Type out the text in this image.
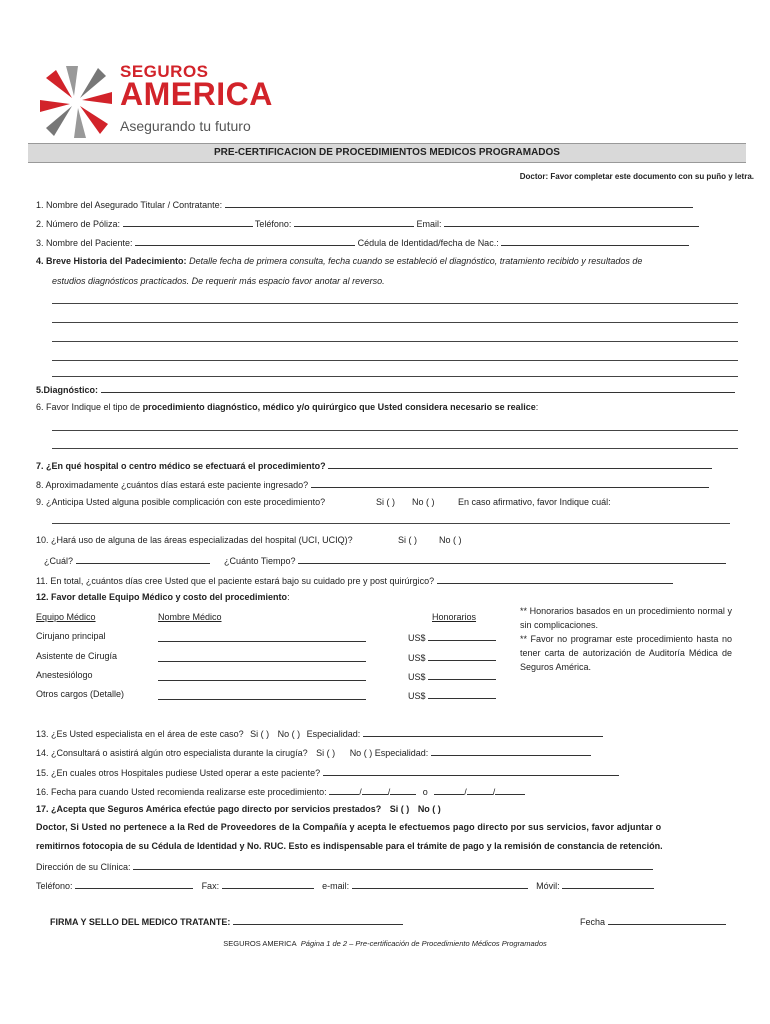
SEGUROS
AMERICA
Asegurando tu futuro
PRE-CERTIFICACION DE PROCEDIMIENTOS MEDICOS PROGRAMADOS
Doctor: Favor completar este documento con su puño y letra.
1. Nombre del Asegurado Titular / Contratante:
2. Número de Póliza:	Teléfono:	Email:
3. Nombre del Paciente:	Cédula de Identidad/fecha de Nac.:
4. Breve Historia del Padecimiento: Detalle fecha de primera consulta, fecha cuando se estableció el diagnóstico, tratamiento recibido y resultados de
estudios diagnósticos practicados. De requerir más espacio favor anotar al reverso.
5.Diagnóstico:
6. Favor Indique el tipo de procedimiento diagnóstico, médico y/o quirúrgico que Usted considera necesario se realice:
7. ¿En qué hospital o centro médico se efectuará el procedimiento?
8. Aproximadamente ¿cuántos días estará este paciente ingresado?
9. ¿Anticipa Usted alguna posible complicación con este procedimiento?	Si ( ) No ( )	En caso afirmativo, favor Indique cuál:
10. ¿Hará uso de alguna de las áreas especializadas del hospital (UCI, UCIQ)?	Si ( ) No ( )
¿Cuál?	¿Cuánto Tiempo?
11. En total, ¿cuántos días cree Usted que el paciente estará bajo su cuidado pre y post quirúrgico?
12. Favor detalle Equipo Médico y costo del procedimiento:
Equipo Médico	Nombre Médico	Honorarios
Cirujano principal	US$
Asistente de Cirugía	US$
Anestesiólogo	US$
Otros cargos (Detalle)	US$

** Honorarios basados en un procedimiento normal y sin complicaciones.

** Favor no programar este procedimiento hasta no tener carta de autorización de Auditoría Médica de Seguros América.

13. ¿Es Usted especialista en el área de este caso? Si ( ) No ( ) Especialidad:
14. ¿Consultará o asistirá algún otro especialista durante la cirugía? Si ( ) No ( ) Especialidad:
15. ¿En cuales otros Hospitales pudiese Usted operar a este paciente?
16. Fecha para cuando Usted recomienda realizarse este procedimiento:	/	/	o	/	/
17. ¿Acepta que Seguros América efectúe pago directo por servicios prestados? Si ( ) No ( )
Doctor, Si Usted no pertenece a la Red de Proveedores de la Compañía y acepta le efectuemos pago directo por sus servicios, favor adjuntar o
remitirnos fotocopia de su Cédula de Identidad y No. RUC. Esto es indispensable para el trámite de pago y la remisión de constancia de retención.
Dirección de su Clínica:
Teléfono:	Fax:	e-mail:	Móvil:
FIRMA Y SELLO DEL MEDICO TRATANTE:	Fecha
SEGUROS AMERICA Página 1 de 2 – Pre-certificación de Procedimiento Médicos Programados
